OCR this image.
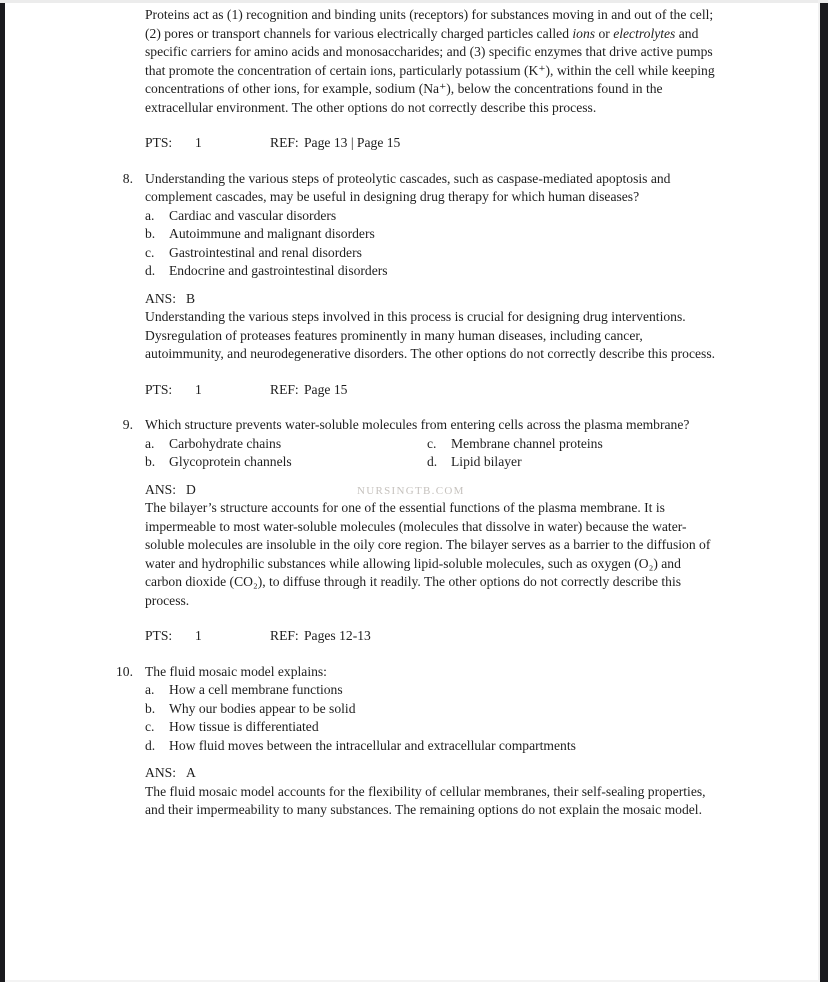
NURSINGTB.COM

Proteins act as (1) recognition and binding units (receptors) for substances moving in and out of the cell; (2) pores or transport channels for various electrically charged particles called ions or electrolytes and specific carriers for amino acids and monosaccharides; and (3) specific enzymes that drive active pumps that promote the concentration of certain ions, particularly potassium (K⁺), within the cell while keeping concentrations of other ions, for example, sodium (Na⁺), below the concentrations found in the extracellular environment. The other options do not correctly describe this process.

PTS: 1	REF: Page 13 | Page 15
8. Understanding the various steps of proteolytic cascades, such as caspase-mediated apoptosis and complement cascades, may be useful in designing drug therapy for which human diseases?

a.	Cardiac and vascular disorders
b.	Autoimmune and malignant disorders
c.	Gastrointestinal and renal disorders
d.	Endocrine and gastrointestinal disorders

ANS: B

Understanding the various steps involved in this process is crucial for designing drug interventions. Dysregulation of proteases features prominently in many human diseases, including cancer, autoimmunity, and neurodegenerative disorders. The other options do not correctly describe this process.

PTS: 1	REF: Page 15
9. Which structure prevents water-soluble molecules from entering cells across the plasma membrane?

a.	Carbohydrate chains	c.	Membrane channel proteins
b.	Glycoprotein channels	d.	Lipid bilayer

ANS: D

The bilayer’s structure accounts for one of the essential functions of the plasma membrane. It is impermeable to most water-soluble molecules (molecules that dissolve in water) because the water-soluble molecules are insoluble in the oily core region. The bilayer serves as a barrier to the diffusion of water and hydrophilic substances while allowing lipid-soluble molecules, such as oxygen (O₂) and carbon dioxide (CO₂), to diffuse through it readily. The other options do not correctly describe this process.

PTS: 1	REF: Pages 12-13
10. The fluid mosaic model explains:

a.	How a cell membrane functions
b.	Why our bodies appear to be solid
c.	How tissue is differentiated
d.	How fluid moves between the intracellular and extracellular compartments

ANS: A

The fluid mosaic model accounts for the flexibility of cellular membranes, their self-sealing properties, and their impermeability to many substances. The remaining options do not explain the mosaic model.
